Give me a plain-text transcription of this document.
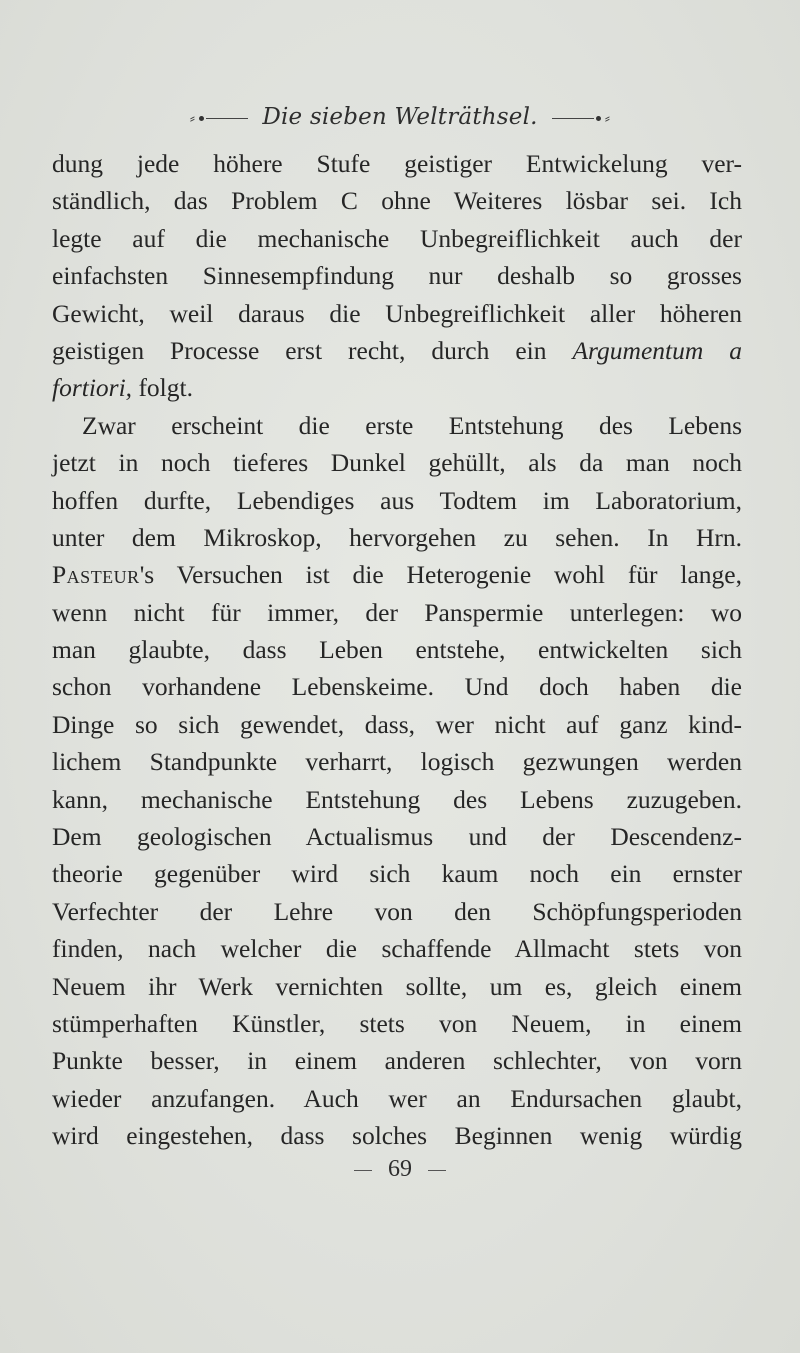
⸗	Die sieben Welträthsel.	⸗
dung jede höhere Stufe geistiger Entwickelung ver-
ständlich, das Problem C ohne Weiteres lösbar sei. Ich
legte auf die mechanische Unbegreiflichkeit auch der
einfachsten Sinnesempfindung nur deshalb so grosses
Gewicht, weil daraus die Unbegreiflichkeit aller höheren
geistigen Processe erst recht, durch ein Argumentum a
fortiori, folgt.
Zwar erscheint die erste Entstehung des Lebens
jetzt in noch tieferes Dunkel gehüllt, als da man noch
hoffen durfte, Lebendiges aus Todtem im Laboratorium,
unter dem Mikroskop, hervorgehen zu sehen. In Hrn.
Pasteur's Versuchen ist die Heterogenie wohl für lange,
wenn nicht für immer, der Panspermie unterlegen: wo
man glaubte, dass Leben entstehe, entwickelten sich
schon vorhandene Lebenskeime. Und doch haben die
Dinge so sich gewendet, dass, wer nicht auf ganz kind-
lichem Standpunkte verharrt, logisch gezwungen werden
kann, mechanische Entstehung des Lebens zuzugeben.
Dem geologischen Actualismus und der Descendenz-
theorie gegenüber wird sich kaum noch ein ernster
Verfechter der Lehre von den Schöpfungsperioden
finden, nach welcher die schaffende Allmacht stets von
Neuem ihr Werk vernichten sollte, um es, gleich einem
stümperhaften Künstler, stets von Neuem, in einem
Punkte besser, in einem anderen schlechter, von vorn
wieder anzufangen. Auch wer an Endursachen glaubt,
wird eingestehen, dass solches Beginnen wenig würdig
69
